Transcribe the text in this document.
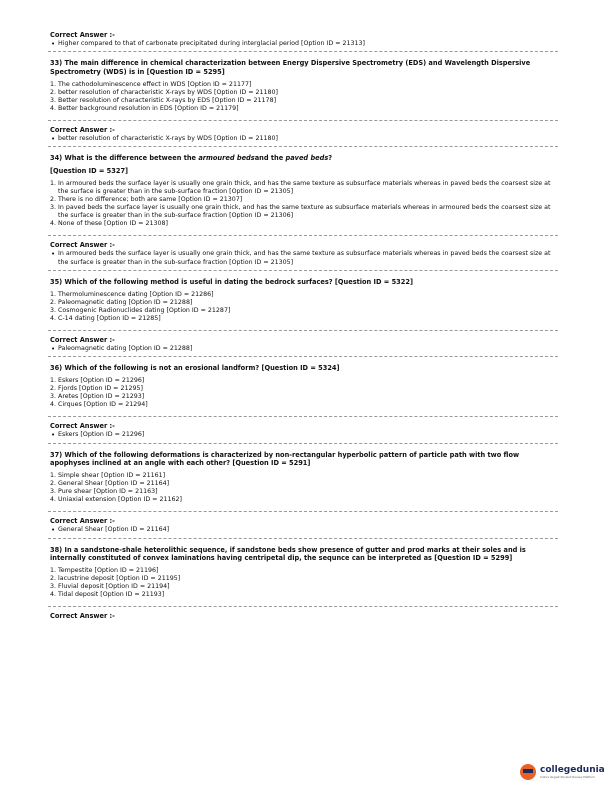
Correct Answer :-
• Higher compared to that of carbonate precipitated during interglacial period [Option ID = 21313]
33) The main difference in chemical characterization between Energy Dispersive Spectrometry (EDS) and Wavelength Dispersive Spectrometry (WDS) is in [Question ID = 5295]
1. The cathodoluminescence effect in WDS [Option ID = 21177]
2. better resolution of characteristic X-rays by WDS [Option ID = 21180]
3. Better resolution of characteristic X-rays by EDS [Option ID = 21178]
4. Better background resolution in EDS [Option ID = 21179]
Correct Answer :-
• better resolution of characteristic X-rays by WDS [Option ID = 21180]
34) What is the difference between the armoured bedsand the paved beds?
[Question ID = 5327]
1. In armoured beds the surface layer is usually one grain thick, and has the same texture as subsurface materials whereas in paved beds the coarsest size at the surface is greater than in the sub-surface fraction [Option ID = 21305]
2. There is no difference; both are same [Option ID = 21307]
3. In paved beds the surface layer is usually one grain thick, and has the same texture as subsurface materials whereas in armoured beds the coarsest size at the surface is greater than in the sub-surface fraction [Option ID = 21306]
4. None of these [Option ID = 21308]
Correct Answer :-
• In armoured beds the surface layer is usually one grain thick, and has the same texture as subsurface materials whereas in paved beds the coarsest size at the surface is greater than in the sub-surface fraction [Option ID = 21305]
35) Which of the following method is useful in dating the bedrock surfaces? [Question ID = 5322]
1. Thermoluminescence dating [Option ID = 21286]
2. Paleomagnetic dating [Option ID = 21288]
3. Cosmogenic Radionuclides dating [Option ID = 21287]
4. C-14 dating [Option ID = 21285]
Correct Answer :-
• Paleomagnetic dating [Option ID = 21288]
36) Which of the following is not an erosional landform? [Question ID = 5324]
1. Eskers [Option ID = 21296]
2. Fjords [Option ID = 21295]
3. Aretes [Option ID = 21293]
4. Cirques [Option ID = 21294]
Correct Answer :-
• Eskers [Option ID = 21296]
37) Which of the following deformations is characterized by non-rectangular hyperbolic pattern of particle path with two flow apophyses inclined at an angle with each other? [Question ID = 5291]
1. Simple shear [Option ID = 21161]
2. General Shear [Option ID = 21164]
3. Pure shear [Option ID = 21163]
4. Uniaxial extension [Option ID = 21162]
Correct Answer :-
• General Shear [Option ID = 21164]
38) In a sandstone-shale heterolithic sequence, if sandstone beds show presence of gutter and prod marks at their soles and is internally constituted of convex laminations having centripetal dip, the sequnce can be interpreted as [Question ID = 5299]
1. Tempestite [Option ID = 21196]
2. lacustrine deposit [Option ID = 21195]
3. Fluvial deposit [Option ID = 21194]
4. Tidal deposit [Option ID = 21193]
Correct Answer :-
collegedunia
India's largest Student Review Platform
